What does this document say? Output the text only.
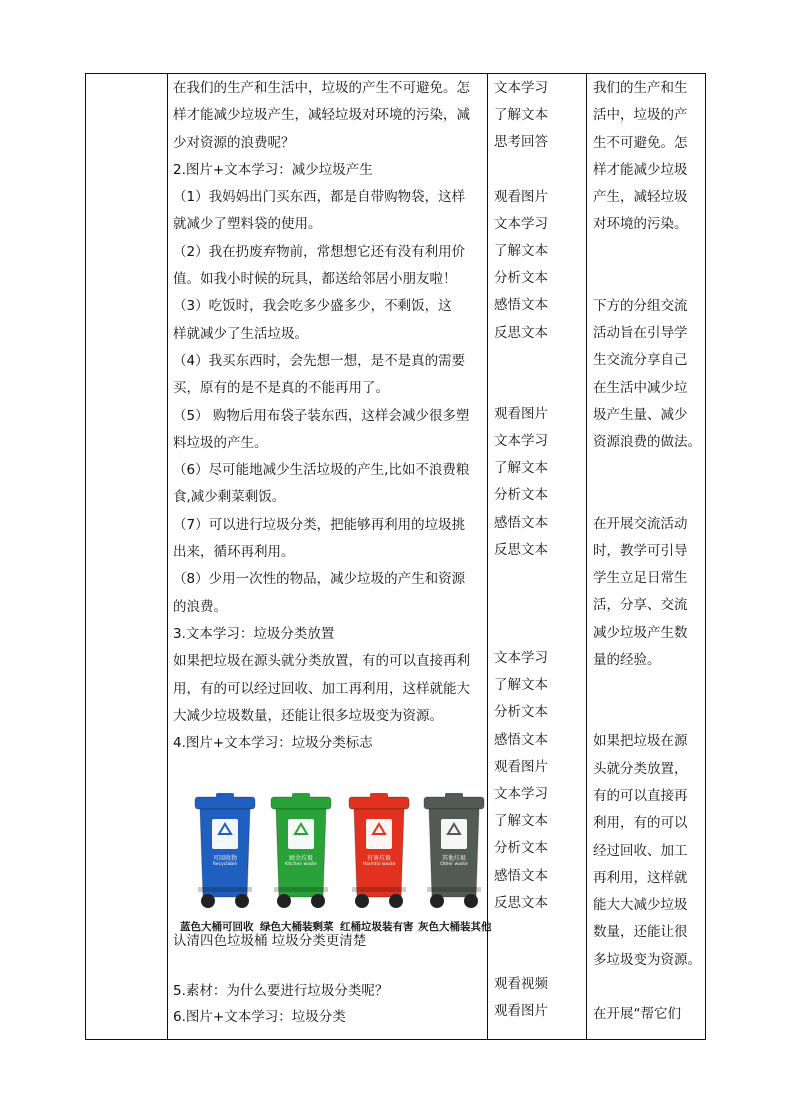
在我们的生产和生活中，垃圾的产生不可避免。怎

样才能减少垃圾产生，减轻垃圾对环境的污染，减

少对资源的浪费呢？

2.图片+文本学习：减少垃圾产生

（1）我妈妈出门买东西，都是自带购物袋，这样

就减少了塑料袋的使用。

（2）我在扔废弃物前，常想想它还有没有利用价

值。如我小时候的玩具，都送给邻居小朋友啦！

（3）吃饭时，我会吃多少盛多少，不剩饭，这

样就减少了生活垃圾。

（4）我买东西时，会先想一想，是不是真的需要

买，原有的是不是真的不能再用了。

（5） 购物后用布袋子装东西，这样会减少很多塑

料垃圾的产生。

（6）尽可能地减少生活垃圾的产生,比如不浪费粮

食,减少剩菜剩饭。

（7）可以进行垃圾分类，把能够再利用的垃圾挑

出来，循环再利用。

（8）少用一次性的物品，减少垃圾的产生和资源

的浪费。

3.文本学习：垃圾分类放置

如果把垃圾在源头就分类放置，有的可以直接再利

用，有的可以经过回收、加工再利用，这样就能大

大减少垃圾数量，还能让很多垃圾变为资源。

4.图片+文本学习：垃圾分类标志

可回收物
Recyclable
蓝色大桶可回收
厨余垃圾
Kitchen waste
绿色大桶装剩菜
有害垃圾
Harmful waste
红桶垃圾装有害
其他垃圾
Other waste
灰色大桶装其他
认清四色垃圾桶 垃圾分类更清楚
5.素材：为什么要进行垃圾分类呢？
6.图片+文本学习：垃圾分类

文本学习

了解文本

思考回答

观看图片

文本学习

了解文本

分析文本

感悟文本

反思文本

观看图片

文本学习

了解文本

分析文本

感悟文本

反思文本

文本学习

了解文本

分析文本

感悟文本

观看图片

文本学习

了解文本

分析文本

感悟文本

反思文本

观看视频

观看图片

我们的生产和生

活中，垃圾的产

生不可避免。怎

样才能减少垃圾

产生，减轻垃圾

对环境的污染。

下方的分组交流

活动旨在引导学

生交流分享自己

在生活中减少垃

圾产生量、减少

资源浪费的做法。

在开展交流活动

时，教学可引导

学生立足日常生

活，分享、交流

减少垃圾产生数

量的经验。

如果把垃圾在源

头就分类放置，

有的可以直接再

利用，有的可以

经过回收、加工

再利用，这样就

能大大减少垃圾

数量，还能让很

多垃圾变为资源。

在开展“帮它们
